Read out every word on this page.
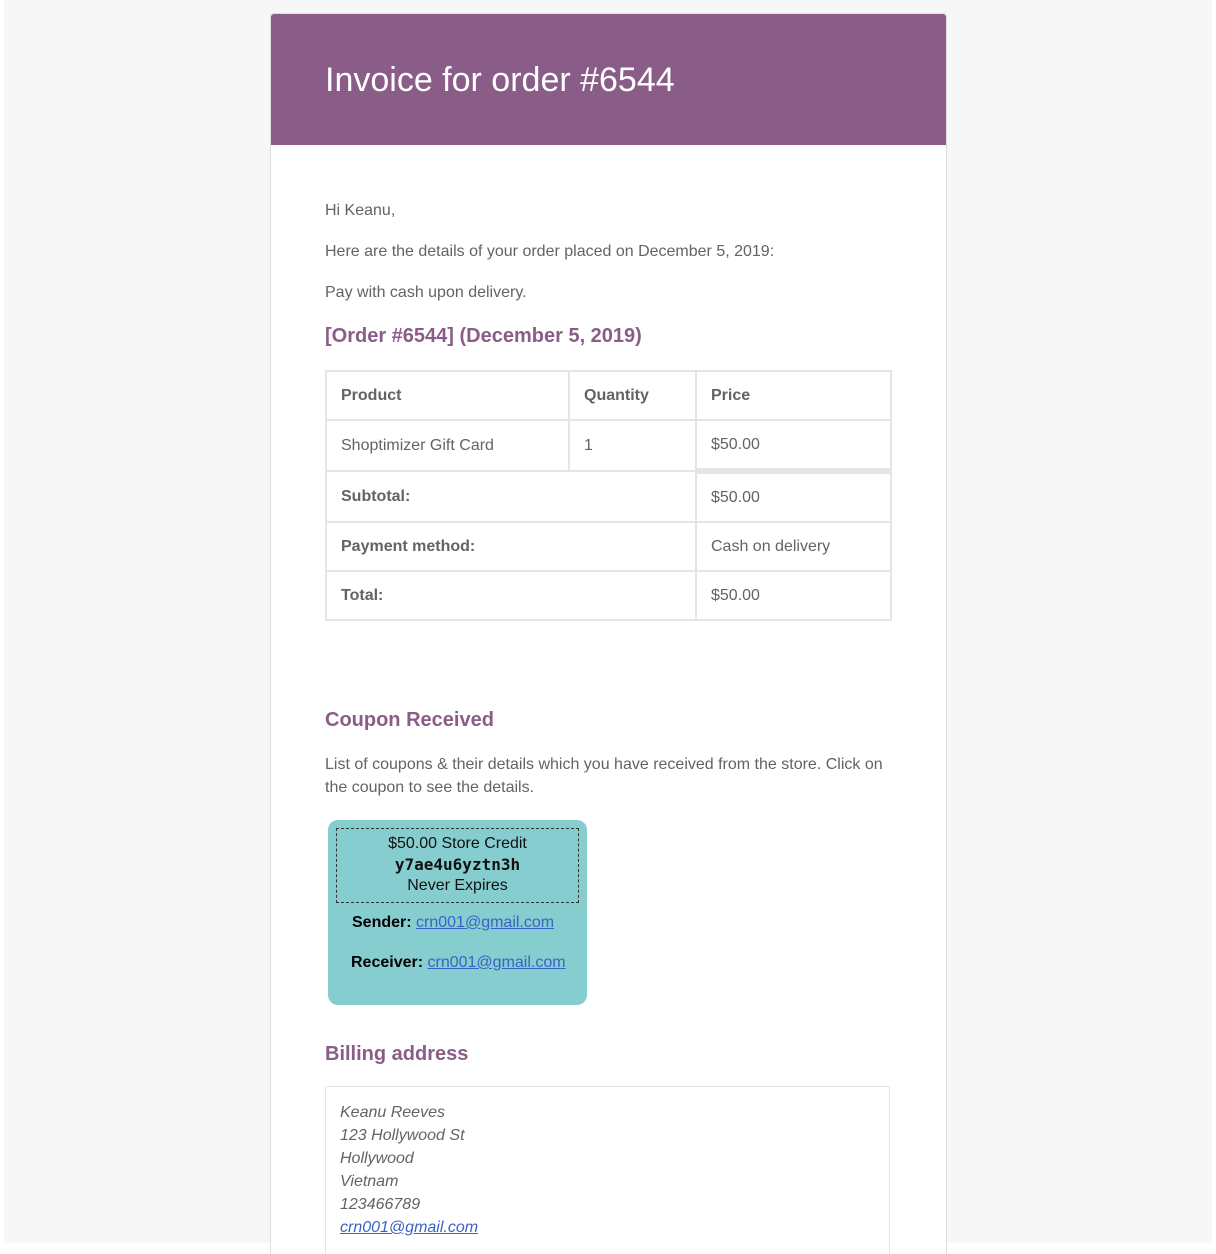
Invoice for order #6544

Hi Keanu,

Here are the details of your order placed on December 5, 2019:

Pay with cash upon delivery.

[Order #6544] (December 5, 2019)
Product	Quantity	Price
Shoptimizer Gift Card	1	$50.00
Subtotal:		$50.00
Payment method:		Cash on delivery
Total:		$50.00
Coupon Received

List of coupons & their details which you have received from the store. Click on the coupon to see the details.

$50.00 Store Credit
y7ae4u6yztn3h
Never Expires
Sender: crn001@gmail.com
Receiver: crn001@gmail.com
Billing address
Keanu Reeves
123 Hollywood St
Hollywood
Vietnam
123466789
crn001@gmail.com
